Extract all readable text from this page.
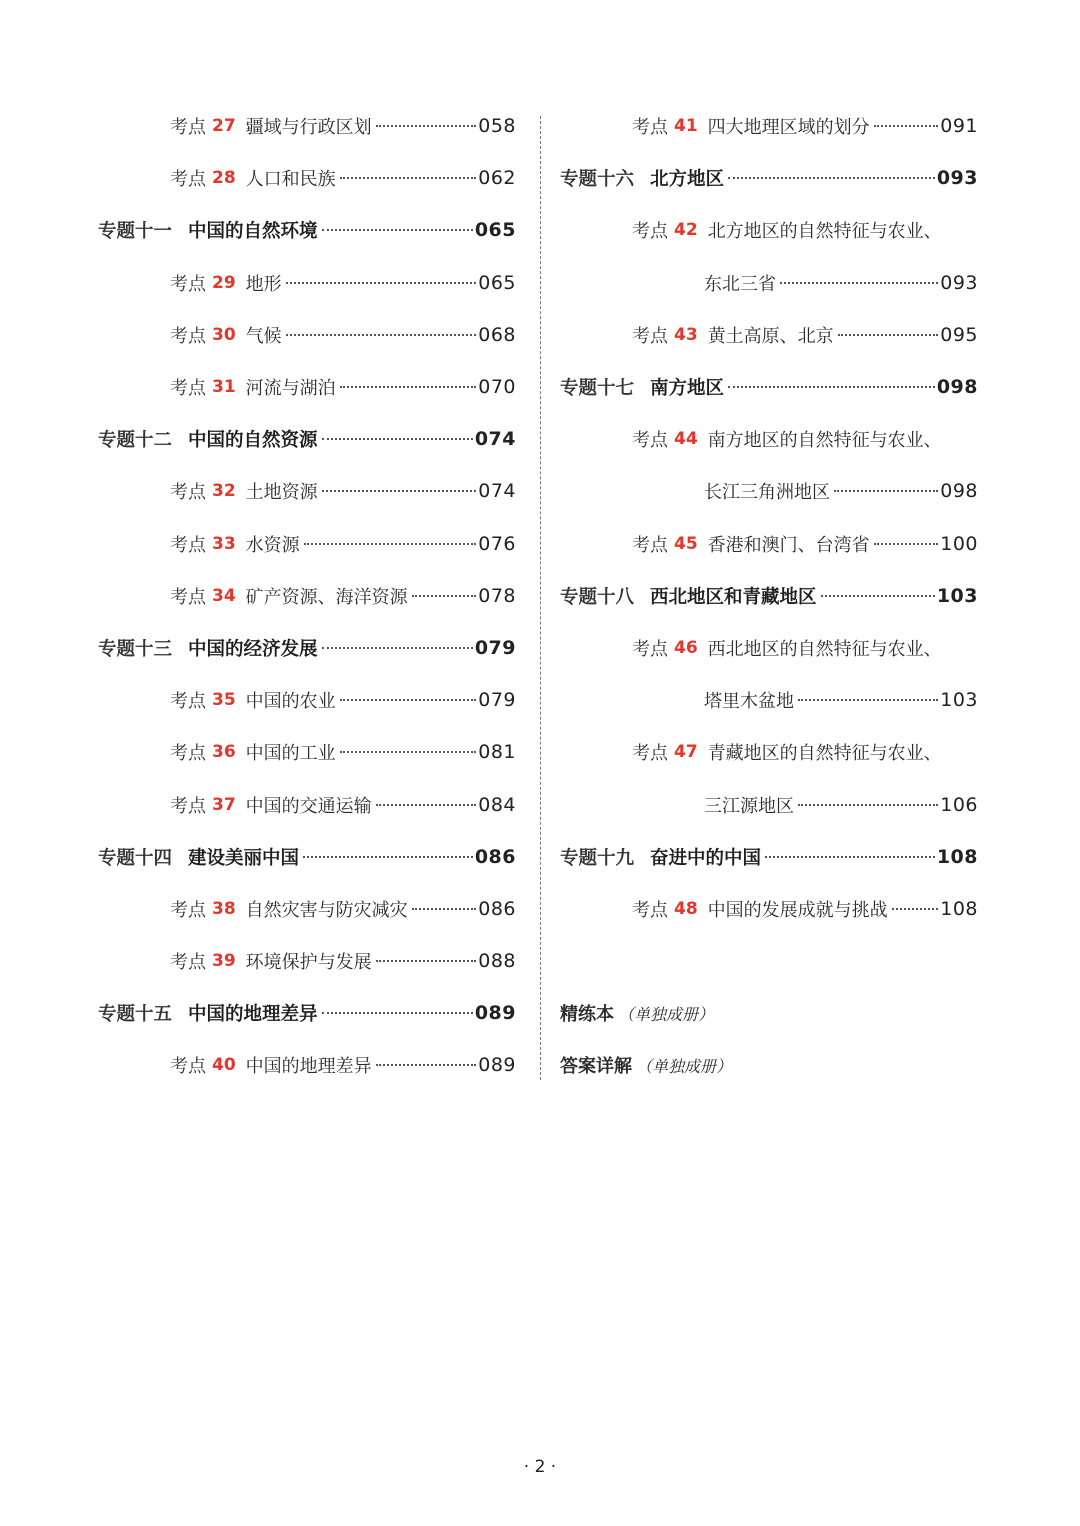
考点 27 疆域与行政区划	058
考点 28 人口和民族	062
专题十一 中国的自然环境	065
考点 29 地形	065
考点 30 气候	068
考点 31 河流与湖泊	070
专题十二 中国的自然资源	074
考点 32 土地资源	074
考点 33 水资源	076
考点 34 矿产资源、海洋资源	078
专题十三 中国的经济发展	079
考点 35 中国的农业	079
考点 36 中国的工业	081
考点 37 中国的交通运输	084
专题十四 建设美丽中国	086
考点 38 自然灾害与防灾减灾	086
考点 39 环境保护与发展	088
专题十五 中国的地理差异	089
考点 40 中国的地理差异	089
考点 41 四大地理区域的划分	091
专题十六 北方地区	093
考点 42 北方地区的自然特征与农业、
东北三省	093
考点 43 黄土高原、北京	095
专题十七 南方地区	098
考点 44 南方地区的自然特征与农业、
长江三角洲地区	098
考点 45 香港和澳门、台湾省	100
专题十八 西北地区和青藏地区	103
考点 46 西北地区的自然特征与农业、
塔里木盆地	103
考点 47 青藏地区的自然特征与农业、
三江源地区	106
专题十九 奋进中的中国	108
考点 48 中国的发展成就与挑战	108
精练本 （单独成册）
答案详解 （单独成册）
· 2 ·
